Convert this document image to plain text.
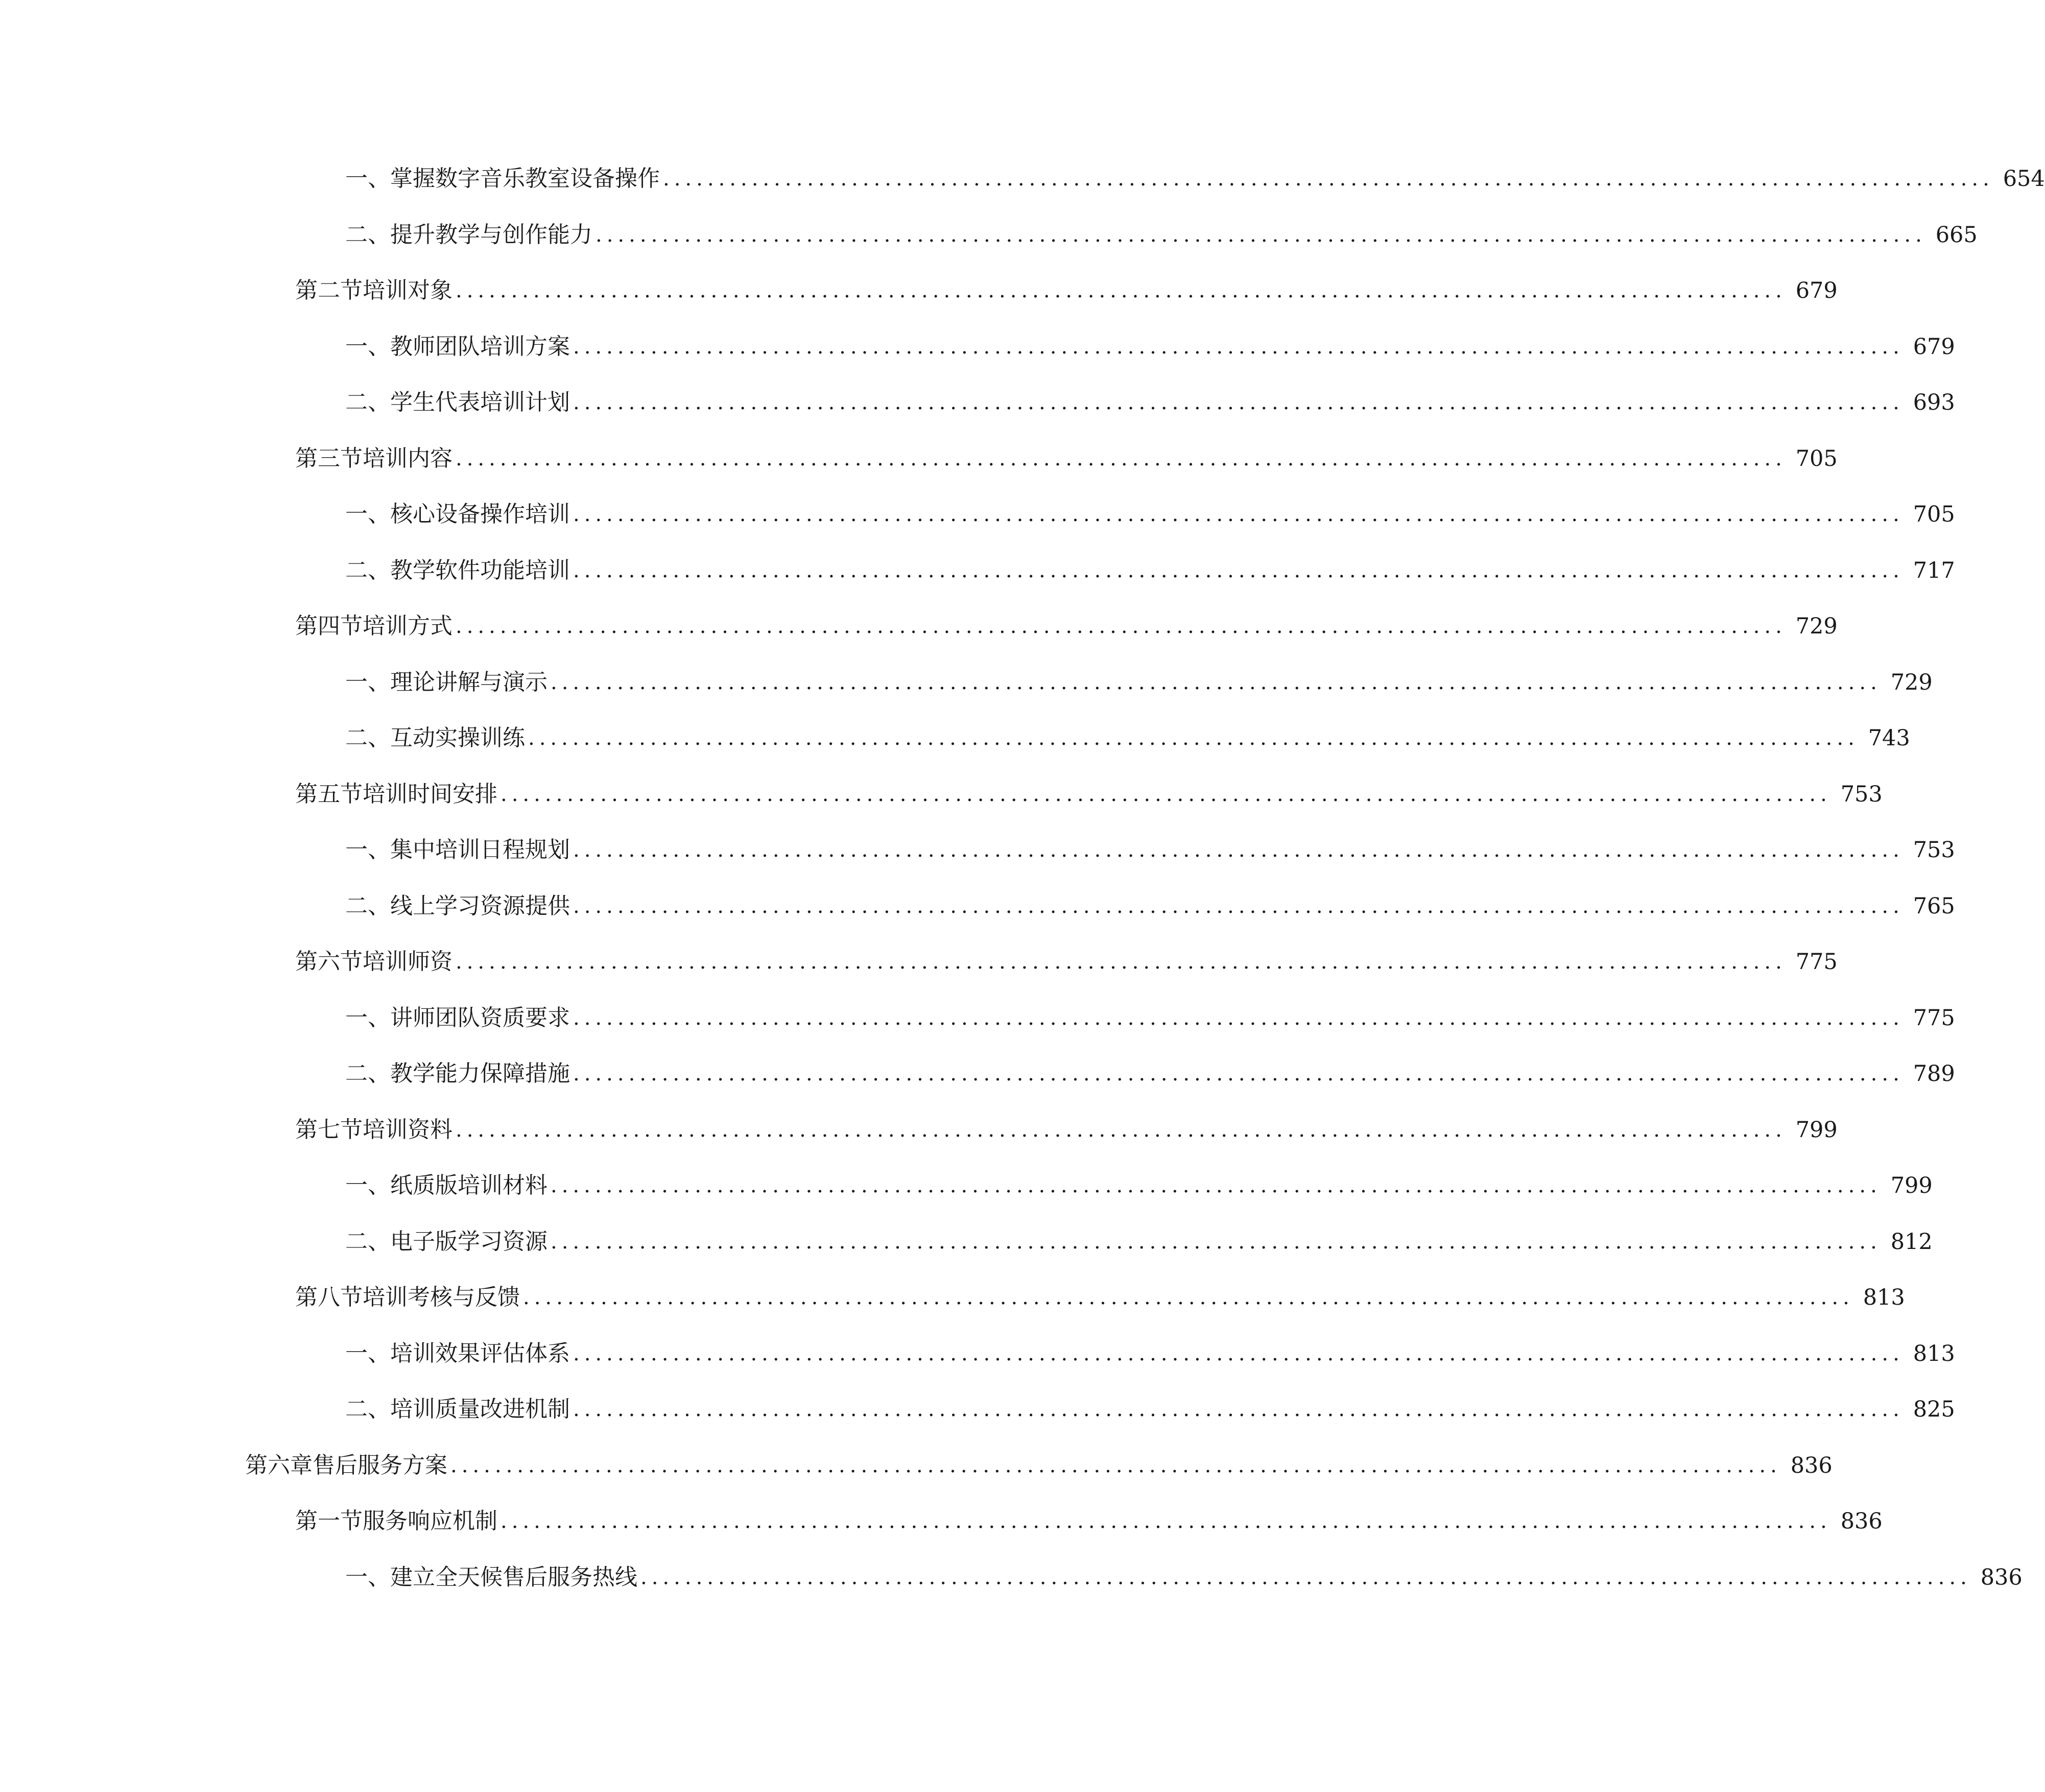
一、 掌握数字音乐教室设备操作 ........................................................................................................................ 654
二、 提升教学与创作能力 ........................................................................................................................ 665
第二节 培训对象 ........................................................................................................................ 679
一、 教师团队培训方案 ........................................................................................................................ 679
二、 学生代表培训计划 ........................................................................................................................ 693
第三节 培训内容 ........................................................................................................................ 705
一、 核心设备操作培训 ........................................................................................................................ 705
二、 教学软件功能培训 ........................................................................................................................ 717
第四节 培训方式 ........................................................................................................................ 729
一、 理论讲解与演示 ........................................................................................................................ 729
二、 互动实操训练 ........................................................................................................................ 743
第五节 培训时间安排 ........................................................................................................................ 753
一、 集中培训日程规划 ........................................................................................................................ 753
二、 线上学习资源提供 ........................................................................................................................ 765
第六节 培训师资 ........................................................................................................................ 775
一、 讲师团队资质要求 ........................................................................................................................ 775
二、 教学能力保障措施 ........................................................................................................................ 789
第七节 培训资料 ........................................................................................................................ 799
一、 纸质版培训材料 ........................................................................................................................ 799
二、 电子版学习资源 ........................................................................................................................ 812
第八节 培训考核与反馈 ........................................................................................................................ 813
一、 培训效果评估体系 ........................................................................................................................ 813
二、 培训质量改进机制 ........................................................................................................................ 825
第六章 售后服务方案 ........................................................................................................................ 836
第一节 服务响应机制 ........................................................................................................................ 836
一、 建立全天候售后服务热线 ........................................................................................................................ 836
